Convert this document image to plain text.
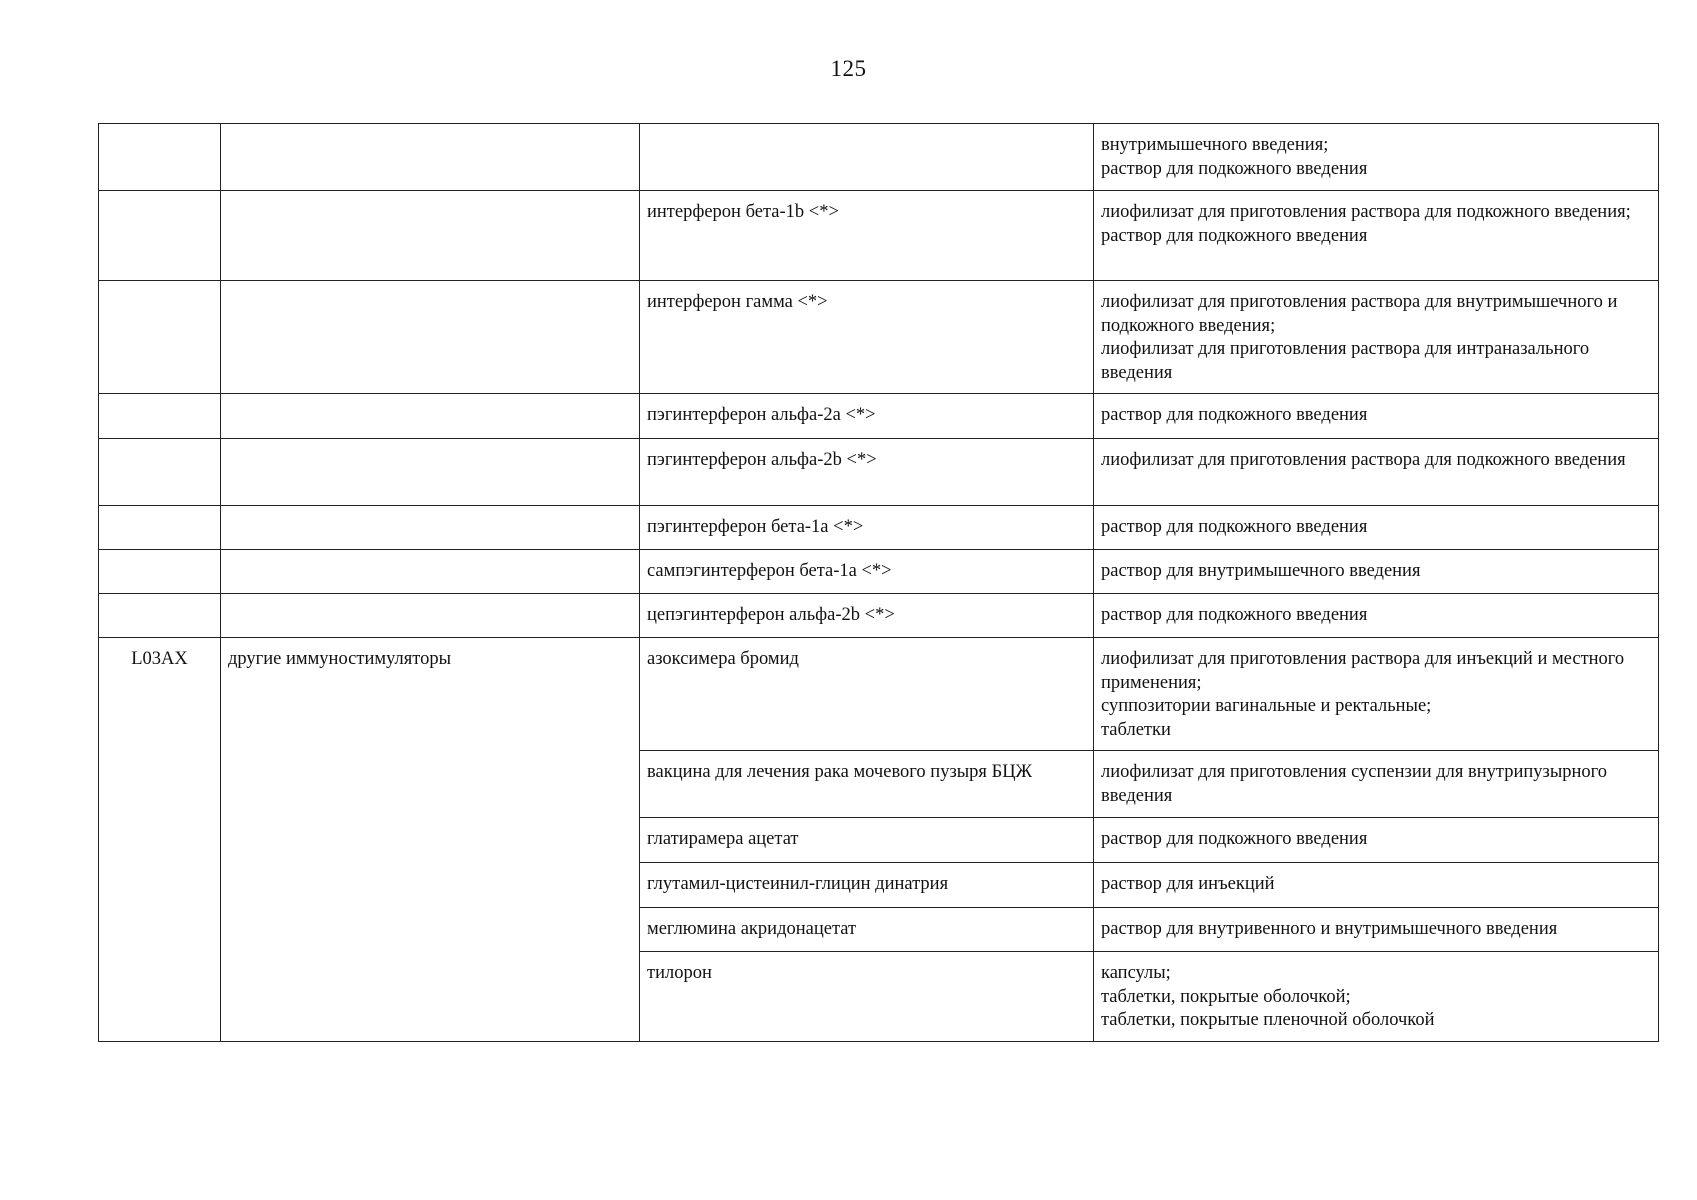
125

			внутримышечного введения;
раствор для подкожного введения

		интерферон бета-1b <*>	лиофилизат для приготовления раствора для подкожного введения;
раствор для подкожного введения

		интерферон гамма <*>	лиофилизат для приготовления раствора для внутримышечного и подкожного введения;
лиофилизат для приготовления раствора для интраназального введения

		пэгинтерферон альфа-2а <*>	раствор для подкожного введения

		пэгинтерферон альфа-2b <*>	лиофилизат для приготовления раствора для подкожного введения

		пэгинтерферон бета-1а <*>	раствор для подкожного введения

		сампэгинтерферон бета-1а <*>	раствор для внутримышечного введения

		цепэгинтерферон альфа-2b <*>	раствор для подкожного введения

L03AX	другие иммуностимуляторы	азоксимера бромид	лиофилизат для приготовления раствора для инъекций и местного применения;
суппозитории вагинальные и ректальные;
таблетки

		вакцина для лечения рака мочевого пузыря БЦЖ	лиофилизат для приготовления суспензии для внутрипузырного введения

		глатирамера ацетат	раствор для подкожного введения

		глутамил-цистеинил-глицин динатрия	раствор для инъекций

		меглюмина акридонацетат	раствор для внутривенного и внутримышечного введения

		тилорон	капсулы;
таблетки, покрытые оболочкой;
таблетки, покрытые пленочной оболочкой
